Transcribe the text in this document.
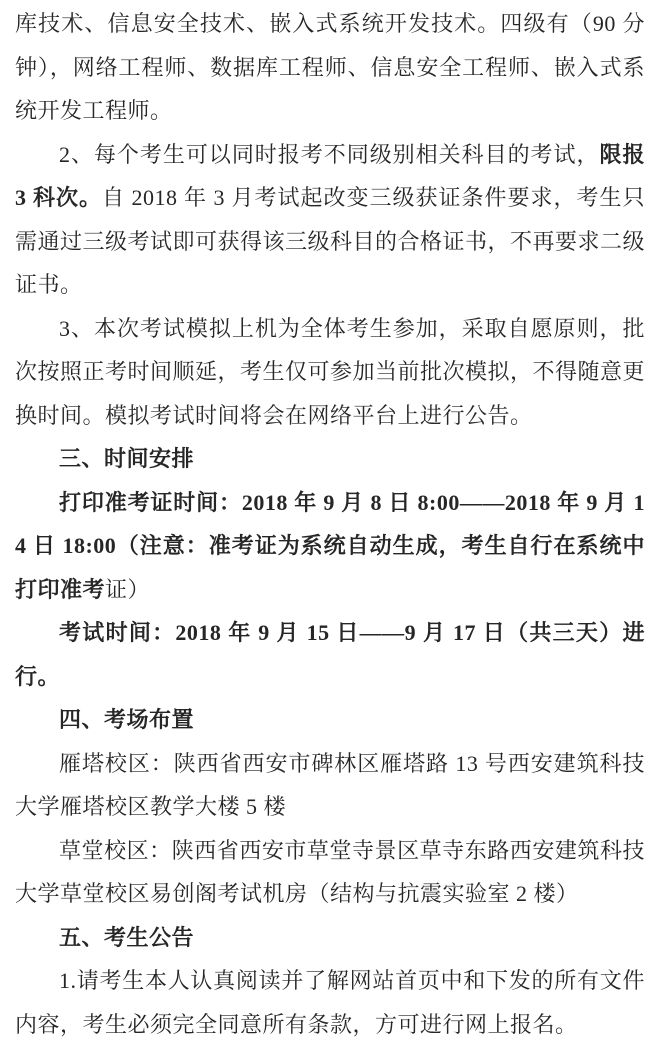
库技术、信息安全技术、嵌入式系统开发技术。四级有（90 分钟），网络工程师、数据库工程师、信息安全工程师、嵌入式系统开发工程师。

2、每个考生可以同时报考不同级别相关科目的考试，限报 3 科次。自 2018 年 3 月考试起改变三级获证条件要求，考生只需通过三级考试即可获得该三级科目的合格证书，不再要求二级证书。

3、本次考试模拟上机为全体考生参加，采取自愿原则，批次按照正考时间顺延，考生仅可参加当前批次模拟，不得随意更换时间。模拟考试时间将会在网络平台上进行公告。

三、时间安排

打印准考证时间：2018 年 9 月 8 日 8:00——2018 年 9 月 14 日 18:00（注意：准考证为系统自动生成，考生自行在系统中打印准考证）

考试时间：2018 年 9 月 15 日——9 月 17 日（共三天）进行。

四、考场布置

雁塔校区：陕西省西安市碑林区雁塔路 13 号西安建筑科技大学雁塔校区教学大楼 5 楼

草堂校区：陕西省西安市草堂寺景区草寺东路西安建筑科技大学草堂校区易创阁考试机房（结构与抗震实验室 2 楼）

五、考生公告

1.请考生本人认真阅读并了解网站首页中和下发的所有文件内容，考生必须完全同意所有条款，方可进行网上报名。
